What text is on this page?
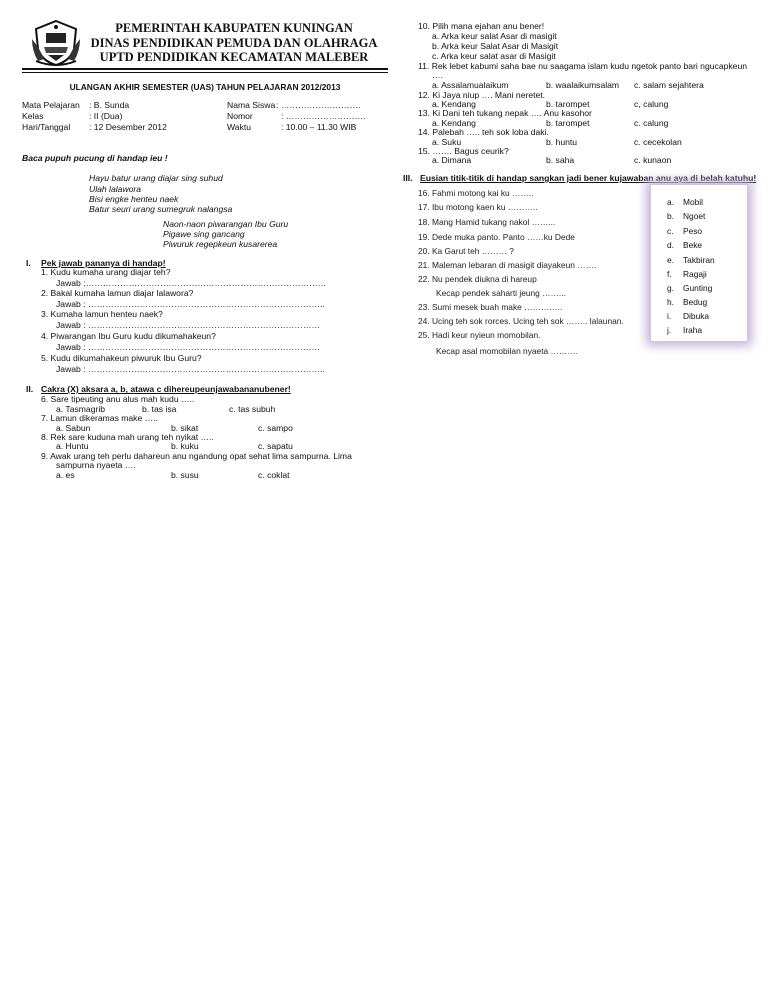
PEMERINTAH KABUPATEN KUNINGAN
DINAS PENDIDIKAN PEMUDA DAN OLAHRAGA
UPTD PENDIDIKAN KECAMATAN MALEBER
ULANGAN AKHIR SEMESTER (UAS) TAHUN PELAJARAN 2012/2013
Mata Pelajaran : B. Sunda
Kelas	: II (Dua)
Hari/Tanggal : 12 Desember 2012
Nama Siswa : ……………………….
Nomor	: ……………………….
Waktu	: 10.00 – 11.30 WIB
Baca pupuh pucung di handap ieu !
Hayu batur urang diajar sing suhud
Ulah lalawora
Bisi engke henteu naek
Batur seuri urang sumegruk nalangsa
Naon-naon piwarangan Ibu Guru
Pigawe sing gancang
Piwuruk regepkeun kusarerea
I. Pek jawab pananya di handap!
1. Kudu kumaha urang diajar teh?
Jawab :…………………………………………………………………………
2. Bakal kumaha lamun diajar lalawora?
Jawab : ………………………………………………………………………..
3. Kumaha lamun henteu naek?
Jawab : ………………………………………………………………………
4. Piwarangan Ibu Guru kudu dikumahakeun?
Jawab : ………………………………………………………………………
5. Kudu dikumahakeun piwuruk Ibu Guru?
Jawab : ………………………………………………………………………..
II. Cakra (X) aksara a, b, atawa c dihereupeunjawabananubener!
6. Sare tipeuting anu alus mah kudu …..
a. Tasmagrib	b. tas isa	c. tas subuh
7. Lamun dikeramas make …..
a. Sabun	b. sikat	c. sampo
8. Rek sare kuduna mah urang teh nyikat …..
a. Huntu	b. kuku	c. sapatu
9. Awak urang teh perlu dahareun anu ngandung opat sehat lima sampurna. Lima
sampurna nyaeta ….
a. es	b. susu	c. coklat
10. Pilih mana ejahan anu bener!
a. Arka keur salat Asar di masigit
b. Arka keur Salat Asar di Masigit
c. Arka keur salat asar di Masigit
11. Rek lebet kabumi saha bae nu saagama islam kudu ngetok panto bari ngucapkeun
….
a. Assalamualaikum	b. waalaikumsalam c. salam sejahtera
12. Ki Jaya niup …. Mani neretet.
a. Kendang	b. tarompet	c, calung
13. Ki Dani teh tukang nepak …. Anu kasohor
a. Kendang	b. tarompet	c. calung
14. Palebah ….. teh sok loba daki.
a. Suku	b. huntu	c. cecekolan
15. ……. Bagus ceurik?
a. Dimana	b. saha	c. kunaon
III. Eusian titik-titik di handap sangkan jadi bener kujawaban anu aya di belah katuhu!
16. Fahmi motong kai ku ……..
17. Ibu motong kaen ku ………..
18. Mang Hamid tukang nakol ……...
19. Dede muka panto. Panto ……ku Dede
20. Ka Garut teh ……… ?
21. Maleman lebaran di masigit diayakeun …….
22. Nu pendek diukna di hareup
Kecap pendek saharti jeung ……...
23. Sumi mesek buah make …………..
24. Ucing teh sok rorces. Ucing teh sok …….. lalaunan.
25. Hadi keur nyieun momobilan.
Kecap asal momobilan nyaeta ……….
a. Mobil
b. Ngoet
c. Peso
d. Beke
e. Takbiran
f. Ragaji
g. Gunting
h. Bedug
i. Dibuka
j. Iraha
